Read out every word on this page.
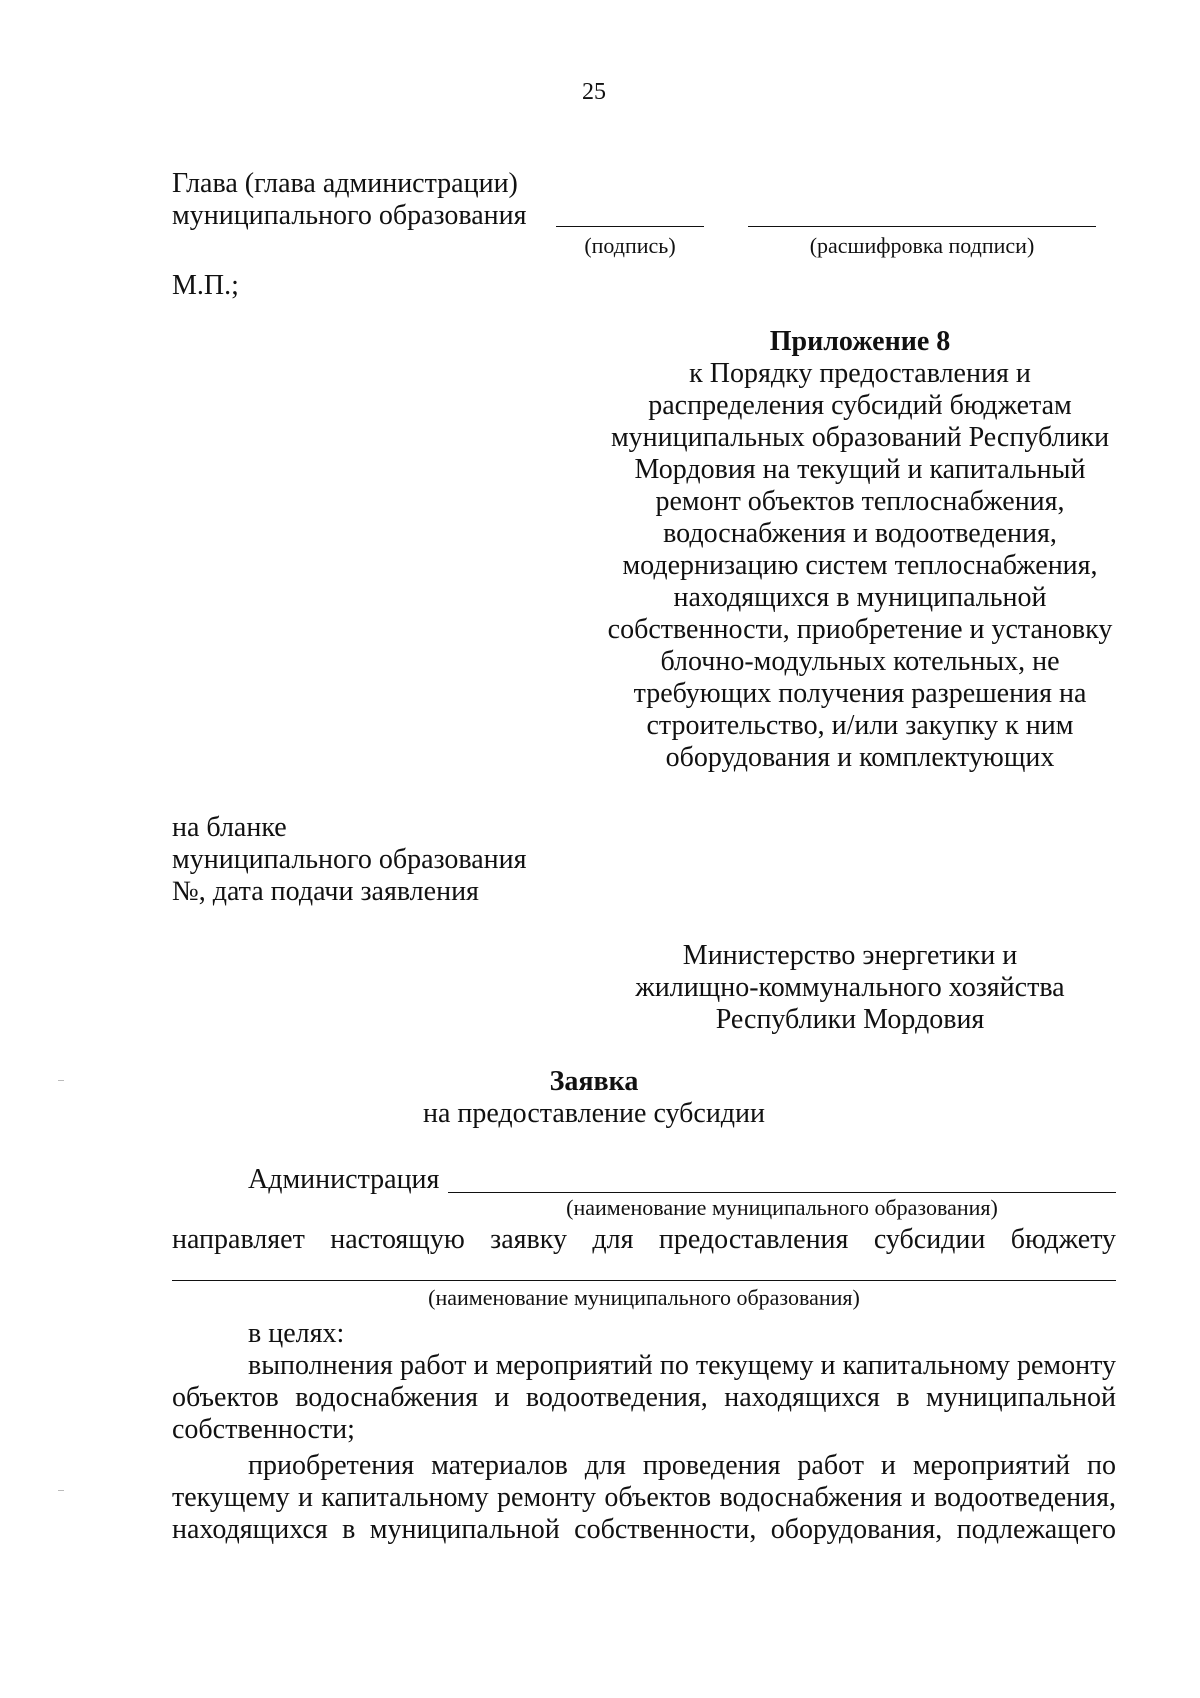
25
Глава (глава администрации)
муниципального образования
(подпись)	(расшифровка подписи)
М.П.;
Приложение 8
к Порядку предоставления и
распределения субсидий бюджетам
муниципальных образований Республики
Мордовия на текущий и капитальный
ремонт объектов теплоснабжения,
водоснабжения и водоотведения,
модернизацию систем теплоснабжения,
находящихся в муниципальной
собственности, приобретение и установку
блочно-модульных котельных, не
требующих получения разрешения на
строительство, и/или закупку к ним
оборудования и комплектующих
на бланке
муниципального образования
№, дата подачи заявления
Министерство энергетики и
жилищно-коммунального хозяйства
Республики Мордовия
Заявка
на предоставление субсидии
Администрация
(наименование муниципального образования)
направляет настоящую заявку для предоставления субсидии бюджету
(наименование муниципального образования)
в целях:
выполнения работ и мероприятий по текущему и капитальному ремонту
объектов водоснабжения и водоотведения, находящихся в муниципальной
собственности;
приобретения материалов для проведения работ и мероприятий по
текущему и капитальному ремонту объектов водоснабжения и водоотведения,
находящихся в муниципальной собственности, оборудования, подлежащего
